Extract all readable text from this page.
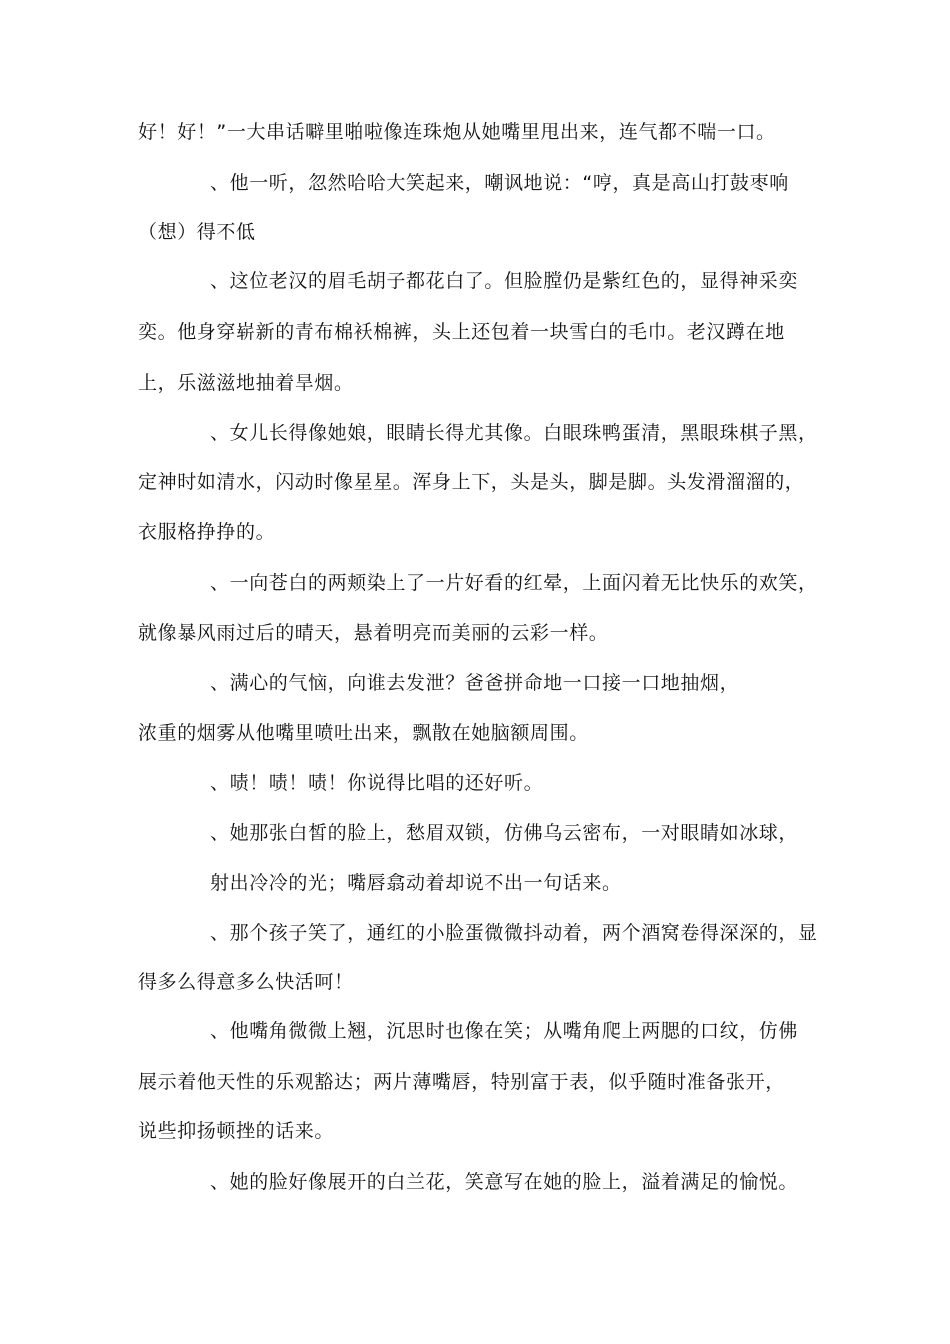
好！好！”一大串话噼里啪啦像连珠炮从她嘴里甩出来，连气都不喘一口。
、他一听，忽然哈哈大笑起来，嘲讽地说：“哼，真是高山打鼓枣响
（想）得不低
、这位老汉的眉毛胡子都花白了。但脸膛仍是紫红色的，显得神采奕
奕。他身穿崭新的青布棉袄棉裤，头上还包着一块雪白的毛巾。老汉蹲在地
上，乐滋滋地抽着旱烟。
、女儿长得像她娘，眼睛长得尤其像。白眼珠鸭蛋清，黑眼珠棋子黑，
定神时如清水，闪动时像星星。浑身上下，头是头，脚是脚。头发滑溜溜的，
衣服格挣挣的。
、一向苍白的两颊染上了一片好看的红晕，上面闪着无比快乐的欢笑，
就像暴风雨过后的晴天，悬着明亮而美丽的云彩一样。
、满心的气恼，向谁去发泄？爸爸拼命地一口接一口地抽烟，
浓重的烟雾从他嘴里喷吐出来，飘散在她脑额周围。
、啧！啧！啧！你说得比唱的还好听。
、她那张白皙的脸上，愁眉双锁，仿佛乌云密布，一对眼睛如冰球，
射出冷冷的光；嘴唇翕动着却说不出一句话来。
、那个孩子笑了，通红的小脸蛋微微抖动着，两个酒窝卷得深深的，显
得多么得意多么快活呵！
、他嘴角微微上翘，沉思时也像在笑；从嘴角爬上两腮的口纹，仿佛
展示着他天性的乐观豁达；两片薄嘴唇，特别富于表，似乎随时准备张开，
说些抑扬顿挫的话来。
、她的脸好像展开的白兰花，笑意写在她的脸上，溢着满足的愉悦。
